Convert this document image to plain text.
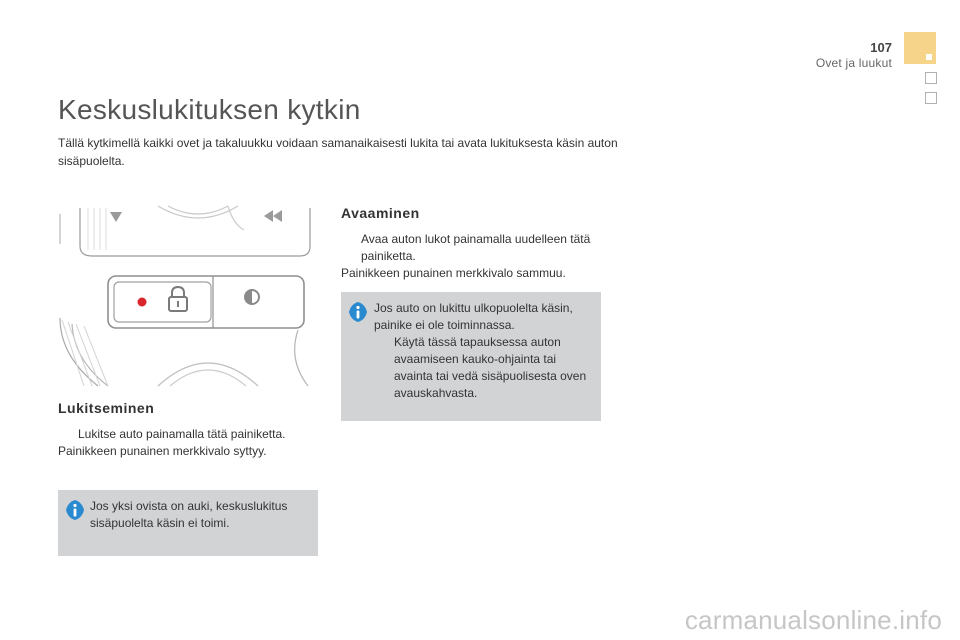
107
Ovet ja luukut
Keskuslukituksen kytkin
Tällä kytkimellä kaikki ovet ja takaluukku voidaan samanaikaisesti lukita tai avata lukituksesta käsin auton sisäpuolelta.
Lukitseminen
Lukitse auto painamalla tätä painiketta.
Painikkeen punainen merkkivalo syttyy.
Jos yksi ovista on auki, keskuslukitus sisäpuolelta käsin ei toimi.
Avaaminen
Avaa auton lukot painamalla uudelleen tätä painiketta.
Painikkeen punainen merkkivalo sammuu.
Jos auto on lukittu ulkopuolelta käsin, painike ei ole toiminnassa.
Käytä tässä tapauksessa auton avaamiseen kauko-ohjainta tai avainta tai vedä sisäpuolisesta oven avauskahvasta.
carmanualsonline.info
